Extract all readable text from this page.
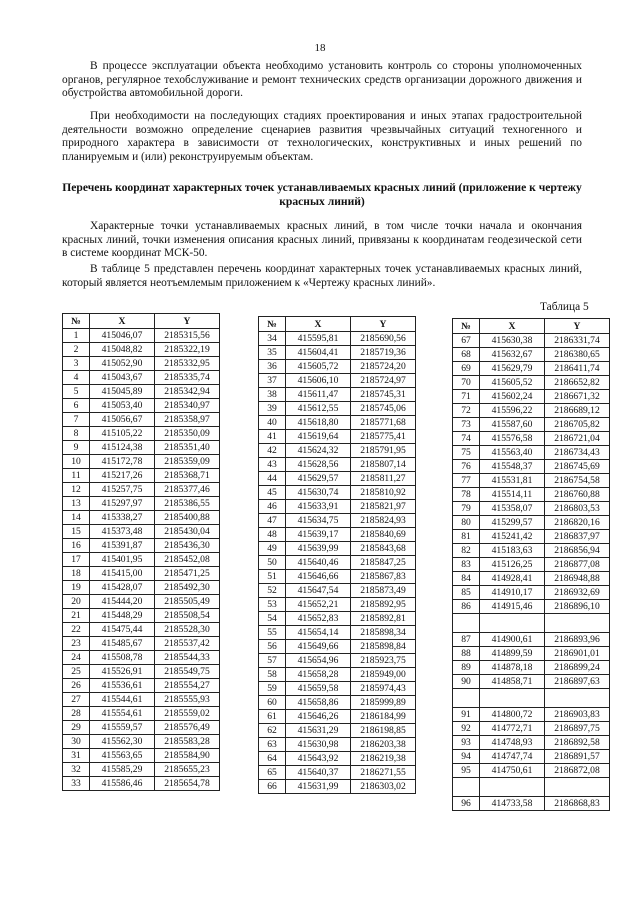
18

В процессе эксплуатации объекта необходимо установить контроль со стороны уполномоченных органов, регулярное техобслуживание и ремонт технических средств организации дорожного движения и обустройства автомобильной дороги.

При необходимости на последующих стадиях проектирования и иных этапах градостроительной деятельности возможно определение сценариев развития чрезвычайных ситуаций техногенного и природного характера в зависимости от технологических, конструктивных и иных решений по планируемым и (или) реконструируемым объектам.

Перечень координат характерных точек устанавливаемых красных линий (приложение к чертежу красных линий)

Характерные точки устанавливаемых красных линий, в том числе точки начала и окончания красных линий, точки изменения описания красных линий, привязаны к координатам геодезической сети в системе координат МСК-50.

В таблице 5 представлен перечень координат характерных точек устанавливаемых красных линий, который является неотъемлемым приложением к «Чертежу красных линий».

Таблица 5
№	X	Y
1	415046,07	2185315,56
2	415048,82	2185322,19
3	415052,90	2185332,95
4	415043,67	2185335,74
5	415045,89	2185342,94
6	415053,40	2185340,97
7	415056,67	2185358,97
8	415105,22	2185350,09
9	415124,38	2185351,40
10	415172,78	2185359,09
11	415217,26	2185368,71
12	415257,75	2185377,46
13	415297,97	2185386,55
14	415338,27	2185400,88
15	415373,48	2185430,04
16	415391,87	2185436,30
17	415401,95	2185452,08
18	415415,00	2185471,25
19	415428,07	2185492,30
20	415444,20	2185505,49
21	415448,29	2185508,54
22	415475,44	2185528,30
23	415485,67	2185537,42
24	415508,78	2185544,33
25	415526,91	2185549,75
26	415536,61	2185554,27
27	415544,61	2185555,93
28	415554,61	2185559,02
29	415559,57	2185576,49
30	415562,30	2185583,28
31	415563,65	2185584,90
32	415585,29	2185655,23
33	415586,46	2185654,78
№	X	Y
34	415595,81	2185690,56
35	415604,41	2185719,36
36	415605,72	2185724,20
37	415606,10	2185724,97
38	415611,47	2185745,31
39	415612,55	2185745,06
40	415618,80	2185771,68
41	415619,64	2185775,41
42	415624,32	2185791,95
43	415628,56	2185807,14
44	415629,57	2185811,27
45	415630,74	2185810,92
46	415633,91	2185821,97
47	415634,75	2185824,93
48	415639,17	2185840,69
49	415639,99	2185843,68
50	415640,46	2185847,25
51	415646,66	2185867,83
52	415647,54	2185873,49
53	415652,21	2185892,95
54	415652,83	2185892,81
55	415654,14	2185898,34
56	415649,66	2185898,84
57	415654,96	2185923,75
58	415658,28	2185949,00
59	415659,58	2185974,43
60	415658,86	2185999,89
61	415646,26	2186184,99
62	415631,29	2186198,85
63	415630,98	2186203,38
64	415643,92	2186219,38
65	415640,37	2186271,55
66	415631,99	2186303,02
№	X	Y
67	415630,38	2186331,74
68	415632,67	2186380,65
69	415629,79	2186411,74
70	415605,52	2186652,82
71	415602,24	2186671,32
72	415596,22	2186689,12
73	415587,60	2186705,82
74	415576,58	2186721,04
75	415563,40	2186734,43
76	415548,37	2186745,69
77	415531,81	2186754,58
78	415514,11	2186760,88
79	415358,07	2186803,53
80	415299,57	2186820,16
81	415241,42	2186837,97
82	415183,63	2186856,94
83	415126,25	2186877,08
84	414928,41	2186948,88
85	414910,17	2186932,69
86	414915,46	2186896,10

87	414900,61	2186893,96
88	414899,59	2186901,01
89	414878,18	2186899,24
90	414858,71	2186897,63

91	414800,72	2186903,83
92	414772,71	2186897,75
93	414748,93	2186892,58
94	414747,74	2186891,57
95	414750,61	2186872,08

96	414733,58	2186868,83
